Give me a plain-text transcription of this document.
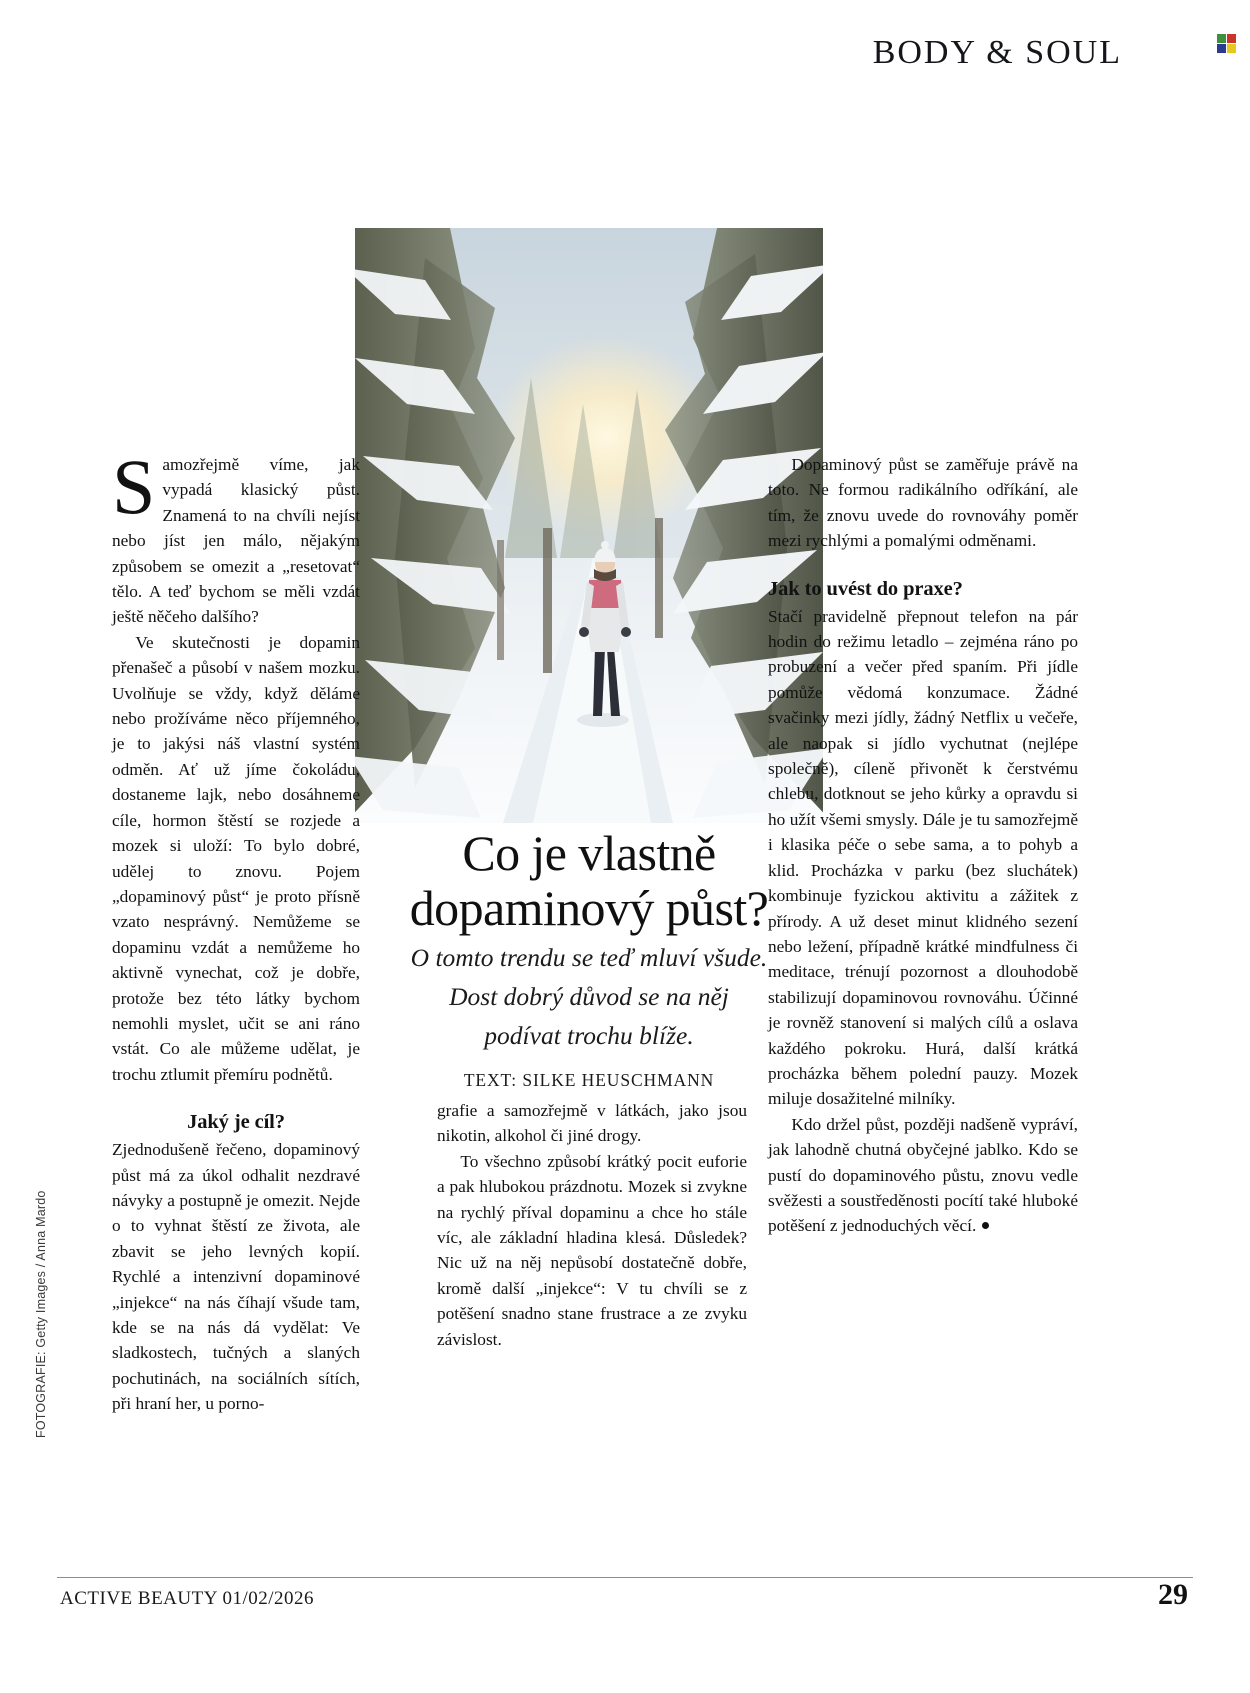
BODY & SOUL
FOTOGRAFIE: Getty Images / Anna Mardo

Samozřejmě víme, jak vypadá klasický půst. Znamená to na chvíli nejíst nebo jíst jen málo, nějakým způsobem se omezit a „resetovat“ tělo. A teď bychom se měli vzdát ještě něčeho dalšího?

Ve skutečnosti je dopamin přenašeč a působí v našem mozku. Uvolňuje se vždy, když děláme nebo prožíváme něco příjemného, je to jakýsi náš vlastní systém odměn. Ať už jíme čokoládu, dostaneme lajk, nebo dosáhneme cíle, hormon štěstí se rozjede a mozek si uloží: To bylo dobré, udělej to znovu. Pojem „dopaminový půst“ je proto přísně vzato nesprávný. Nemůžeme se dopaminu vzdát a nemůžeme ho aktivně vynechat, což je dobře, protože bez této látky bychom nemohli myslet, učit se ani ráno vstát. Co ale můžeme udělat, je trochu ztlumit přemíru podnětů.

Jaký je cíl?

Zjednodušeně řečeno, dopaminový půst má za úkol odhalit nezdravé návyky a postupně je omezit. Nejde o to vyhnat štěstí ze života, ale zbavit se jeho levných kopií. Rychlé a intenzivní dopaminové „injekce“ na nás číhají všude tam, kde se na nás dá vydělat: Ve sladkostech, tučných a slaných pochutinách, na sociálních sítích, při hraní her, u porno-

Co je vlastně
dopaminový půst?
O tomto trendu se teď mluví všude.
Dost dobrý důvod se na něj
podívat trochu blíže.
TEXT: SILKE HEUSCHMANN

grafie a samozřejmě v látkách, jako jsou nikotin, alkohol či jiné drogy.

To všechno způsobí krátký pocit euforie a pak hlubokou prázdnotu. Mozek si zvykne na rychlý příval dopaminu a chce ho stále víc, ale základní hladina klesá. Důsledek? Nic už na něj nepůsobí dostatečně dobře, kromě další „injekce“: V tu chvíli se z potěšení snadno stane frustrace a ze zvyku závislost.

Dopaminový půst se zaměřuje právě na toto. Ne formou radikálního odříkání, ale tím, že znovu uvede do rovnováhy poměr mezi rychlými a pomalými odměnami.

Jak to uvést do praxe?

Stačí pravidelně přepnout telefon na pár hodin do režimu letadlo – zejména ráno po probuzení a večer před spaním. Při jídle pomůže vědomá konzumace. Žádné svačinky mezi jídly, žádný Netflix u večeře, ale naopak si jídlo vychutnat (nejlépe společně), cíleně přivonět k čerstvému chlebu, dotknout se jeho kůrky a opravdu si ho užít všemi smysly. Dále je tu samozřejmě i klasika péče o sebe sama, a to pohyb a klid. Procházka v parku (bez sluchátek) kombinuje fyzickou aktivitu a zážitek z přírody. A už deset minut klidného sezení nebo ležení, případně krátké mindfulness či meditace, trénují pozornost a dlouhodobě stabilizují dopaminovou rovnováhu. Účinné je rovněž stanovení si malých cílů a oslava každého pokroku. Hurá, další krátká procházka během polední pauzy. Mozek miluje dosažitelné milníky.

Kdo držel půst, později nadšeně vypráví, jak lahodně chutná obyčejné jablko. Kdo se pustí do dopaminového půstu, znovu vedle svěžesti a soustředěnosti pocítí také hluboké potěšení z jednoduchých věcí.

ACTIVE BEAUTY 01/02/2026	29
